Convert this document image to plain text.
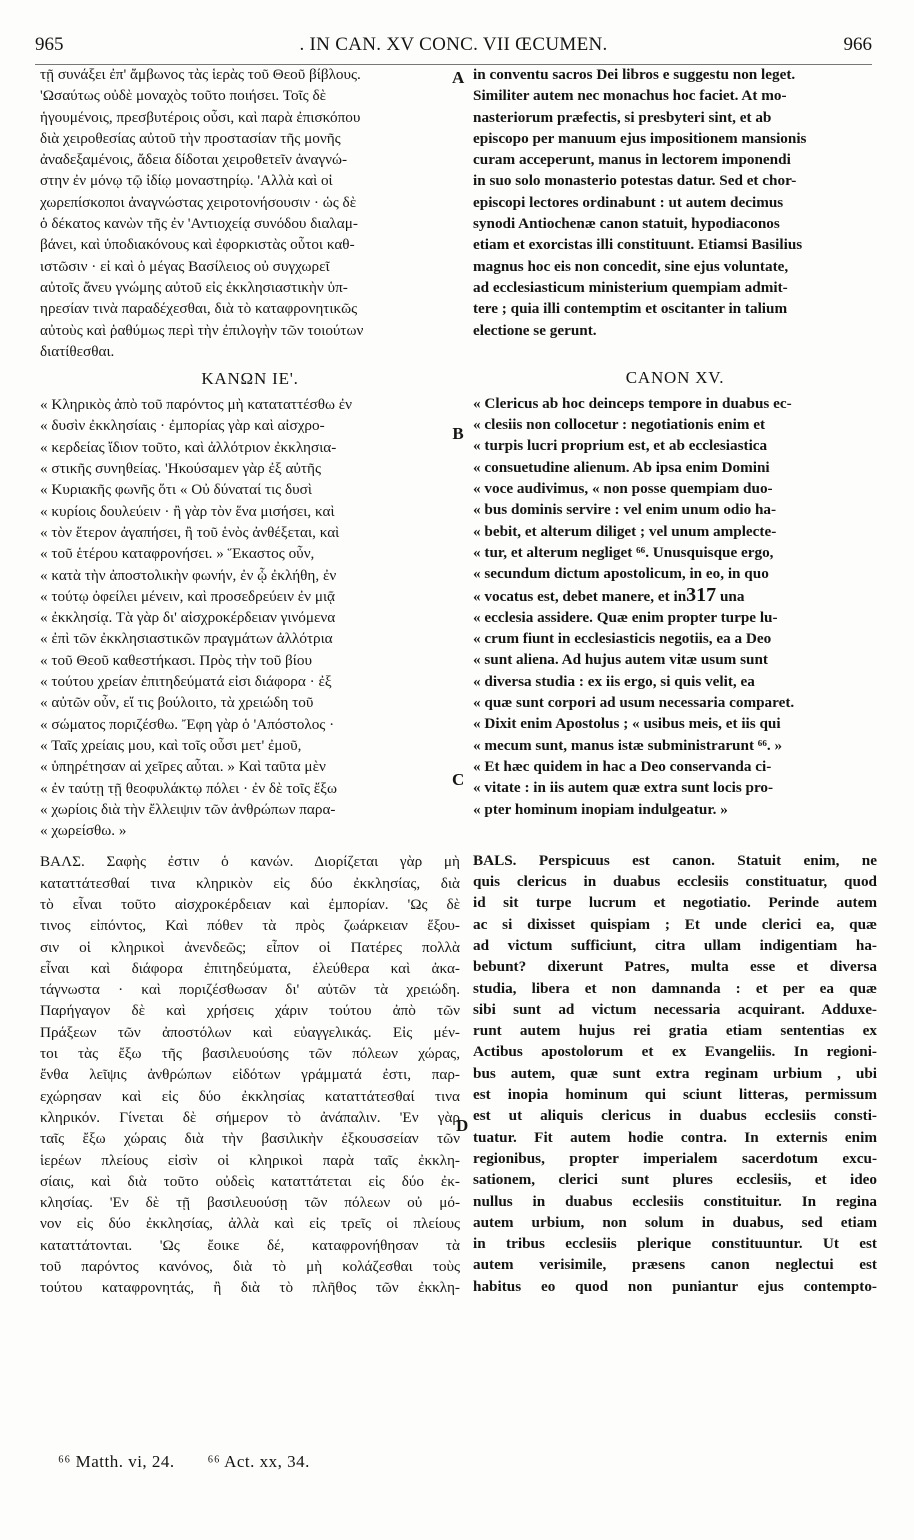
965	. IN CAN. XV CONC. VII ŒCUMEN.	966

τῇ συνάξει ἐπ' ἄμβωνος τὰς ἱερὰς τοῦ Θεοῦ βίβλους.
'Ωσαύτως οὐδὲ μοναχὸς τοῦτο ποιήσει. Τοῖς δὲ
ἡγουμένοις, πρεσβυτέροις οὖσι, καὶ παρὰ ἐπισκόπου
διὰ χειροθεσίας αὐτοῦ τὴν προστασίαν τῆς μονῆς
ἀναδεξαμένοις, ἄδεια δίδοται χειροθετεῖν ἀναγνώ-
στην ἐν μόνῳ τῷ ἰδίῳ μοναστηρίῳ. 'Αλλὰ καὶ οἱ
χωρεπίσκοποι ἀναγνώστας χειροτονήσουσιν · ὡς δὲ
ὁ δέκατος κανὼν τῆς ἐν 'Αντιοχείᾳ συνόδου διαλαμ-
βάνει, καὶ ὑποδιακόνους καὶ ἐφορκιστὰς οὗτοι καθ-
ιστῶσιν · εἰ καὶ ὁ μέγας Βασίλειος οὐ συγχωρεῖ
αὐτοῖς ἄνευ γνώμης αὐτοῦ εἰς ἐκκλησιαστικὴν ὑπ-
ηρεσίαν τινὰ παραδέχεσθαι, διὰ τὸ καταφρονητικῶς
αὐτοὺς καὶ ῥαθύμως περὶ τὴν ἐπιλογὴν τῶν τοιούτων
διατίθεσθαι.

ΚΑΝΩΝ ΙΕ'.

« Κληρικὸς ἀπὸ τοῦ παρόντος μὴ καταταττέσθω ἐν
« δυσὶν ἐκκλησίαις · ἐμπορίας γὰρ καὶ αἰσχρο-
« κερδείας ἴδιον τοῦτο, καὶ ἀλλότριον ἐκκλησια-
« στικῆς συνηθείας. 'Ηκούσαμεν γὰρ ἐξ αὐτῆς
« Κυριακῆς φωνῆς ὅτι « Οὐ δύναταί τις δυσὶ
« κυρίοις δουλεύειν · ἢ γὰρ τὸν ἕνα μισήσει, καὶ
« τὸν ἕτερον ἀγαπήσει, ἢ τοῦ ἑνὸς ἀνθέξεται, καὶ
« τοῦ ἑτέρου καταφρονήσει. » Ἕκαστος οὖν,
« κατὰ τὴν ἀποστολικὴν φωνήν, ἐν ᾧ ἐκλήθη, ἐν
« τούτῳ ὀφείλει μένειν, καὶ προσεδρεύειν ἐν μιᾷ
« ἐκκλησίᾳ. Τὰ γὰρ δι' αἰσχροκέρδειαν γινόμενα
« ἐπὶ τῶν ἐκκλησιαστικῶν πραγμάτων ἀλλότρια
« τοῦ Θεοῦ καθεστήκασι. Πρὸς τὴν τοῦ βίου
« τούτου χρείαν ἐπιτηδεύματά εἰσι διάφορα · ἐξ
« αὐτῶν οὖν, εἴ τις βούλοιτο, τὰ χρειώδη τοῦ
« σώματος ποριζέσθω. Ἔφη γὰρ ὁ 'Απόστολος ·
« Ταῖς χρείαις μου, καὶ τοῖς οὖσι μετ' ἐμοῦ,
« ὑπηρέτησαν αἱ χεῖρες αὗται. » Καὶ ταῦτα μὲν
« ἐν ταύτῃ τῇ θεοφυλάκτῳ πόλει · ἐν δὲ τοῖς ἔξω
« χωρίοις διὰ τὴν ἔλλειψιν τῶν ἀνθρώπων παρα-
« χωρείσθω. »

ΒΑΛΣ. Σαφὴς ἐστιν ὁ κανών. Διορίζεται γὰρ μὴ
καταττάτεσθαί τινα κληρικὸν εἰς δύο ἐκκλησίας, διὰ
τὸ εἶναι τοῦτο αἰσχροκέρδειαν καὶ ἐμπορίαν. 'Ως δὲ
τινος εἰπόντος, Καὶ πόθεν τὰ πρὸς ζωάρκειαν ἕξου-
σιν οἱ κληρικοὶ ἀνενδεῶς; εἶπον οἱ Πατέρες πολλὰ
εἶναι καὶ διάφορα ἐπιτηδεύματα, ἐλεύθερα καὶ ἀκα-
τάγνωστα · καὶ ποριζέσθωσαν δι' αὐτῶν τὰ χρειώδη.
Παρήγαγον δὲ καὶ χρήσεις χάριν τούτου ἀπὸ τῶν
Πράξεων τῶν ἀποστόλων καὶ εὐαγγελικάς. Εἰς μέν-
τοι τὰς ἔξω τῆς βασιλευούσης τῶν πόλεων χώρας,
ἔνθα λεῖψις ἀνθρώπων εἰδότων γράμματά ἐστι, παρ-
εχώρησαν καὶ εἰς δύο ἐκκλησίας καταττάτεσθαί τινα
κληρικόν. Γίνεται δὲ σήμερον τὸ ἀνάπαλιν. 'Εν γὰρ
ταῖς ἔξω χώραις διὰ τὴν βασιλικὴν ἐξκουσσείαν τῶν
ἱερέων πλείους εἰσὶν οἱ κληρικοὶ παρὰ ταῖς ἐκκλη-
σίαις, καὶ διὰ τοῦτο οὐδεὶς καταττάτεται εἰς δύο ἐκ-
κλησίας. 'Εν δὲ τῇ βασιλευούσῃ τῶν πόλεων οὐ μό-
νον εἰς δύο ἐκκλησίας, ἀλλὰ καὶ εἰς τρεῖς οἱ πλείους
καταττάτονται. 'Ως ἔοικε δέ, καταφρονήθησαν τὰ
τοῦ παρόντος κανόνος, διὰ τὸ μὴ κολάζεσθαι τοὺς
τούτου καταφρονητάς, ἢ διὰ τὸ πλῆθος τῶν ἐκκλη-

in conventu sacros Dei libros e suggestu non leget.
Similiter autem nec monachus hoc faciet. At mo-
nasteriorum præfectis, si presbyteri sint, et ab
episcopo per manuum ejus impositionem mansionis
curam acceperunt, manus in lectorem imponendi
in suo solo monasterio potestas datur. Sed et chor-
episcopi lectores ordinabunt : ut autem decimus
synodi Antiochenæ canon statuit, hypodiaconos
etiam et exorcistas illi constituunt. Etiamsi Basilius
magnus hoc eis non concedit, sine ejus voluntate,
ad ecclesiasticum ministerium quempiam admit-
tere ; quia illi contemptim et oscitanter in talium
electione se gerunt.

CANON XV.

« Clericus ab hoc deinceps tempore in duabus ec-
« clesiis non collocetur : negotiationis enim et
« turpis lucri proprium est, et ab ecclesiastica
« consuetudine alienum. Ab ipsa enim Domini
« voce audivimus, « non posse quempiam duo-
« bus dominis servire : vel enim unum odio ha-
« bebit, et alterum diliget ; vel unum amplecte-
« tur, et alterum negliget ⁶⁶. Unusquisque ergo,
« secundum dictum apostolicum, in eo, in quo
« vocatus est, debet manere, et in317 una
« ecclesia assidere. Quæ enim propter turpe lu-
« crum fiunt in ecclesiasticis negotiis, ea a Deo
« sunt aliena. Ad hujus autem vitæ usum sunt
« diversa studia : ex iis ergo, si quis velit, ea
« quæ sunt corpori ad usum necessaria comparet.
« Dixit enim Apostolus ; « usibus meis, et iis qui
« mecum sunt, manus istæ subministrarunt ⁶⁶. »
« Et hæc quidem in hac a Deo conservanda ci-
« vitate : in iis autem quæ extra sunt locis pro-
« pter hominum inopiam indulgeatur. »

BALS. Perspicuus est canon. Statuit enim, ne
quis clericus in duabus ecclesiis constituatur, quod
id sit turpe lucrum et negotiatio. Perinde autem
ac si dixisset quispiam ; Et unde clerici ea, quæ
ad victum sufficiunt, citra ullam indigentiam ha-
bebunt? dixerunt Patres, multa esse et diversa
studia, libera et non damnanda : et per ea quæ
sibi sunt ad victum necessaria acquirant. Adduxe-
runt autem hujus rei gratia etiam sententias ex
Actibus apostolorum et ex Evangeliis. In regioni-
bus autem, quæ sunt extra reginam urbium , ubi
est inopia hominum qui sciunt litteras, permissum
est ut aliquis clericus in duabus ecclesiis consti-
tuatur. Fit autem hodie contra. In externis enim
regionibus, propter imperialem sacerdotum excu-
sationem, clerici sunt plures ecclesiis, et ideo
nullus in duabus ecclesiis constituitur. In regina
autem urbium, non solum in duabus, sed etiam
in tribus ecclesiis plerique constituuntur. Ut est
autem verisimile, præsens canon neglectui est
habitus eo quod non puniantur ejus contempto-

A
B
C
D
⁶⁶ Matth. vi, 24. ⁶⁶ Act. xx, 34.
